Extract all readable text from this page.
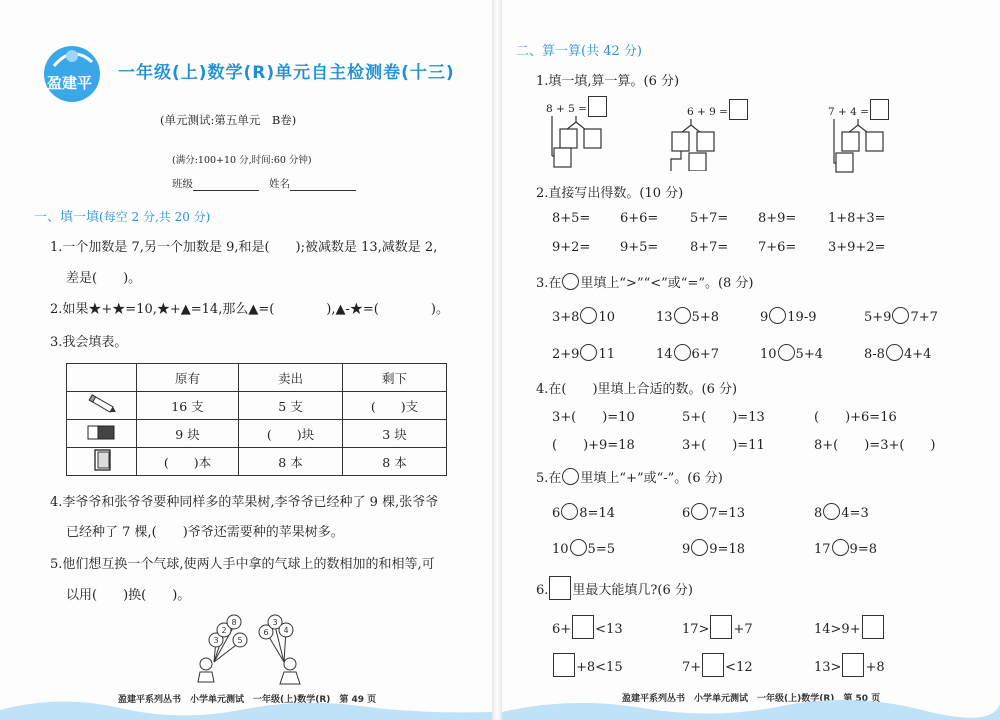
盈建平 一年级(上)数学(R)单元自主检测卷(十三)
(单元测试:第五单元　B卷)
(满分:100+10 分,时间:60 分钟)
班级	姓名
一、填一填(每空 2 分,共 20 分)
1.一个加数是 7,另一个加数是 9,和是(　　);被减数是 13,减数是 2,
差是(　　)。
2.如果★+★=10,★+▲=14,那么▲=(　　　　),▲-★=(　　　　)。
3.我会填表。
	原有	卖出	剩下
	16 支	5 支	(　　)支
	9 块	(　　)块	3 块
	(　　)本	8 本	8 本
4.李爷爷和张爷爷要种同样多的苹果树,李爷爷已经种了 9 棵,张爷爷
已经种了 7 棵,(　　)爷爷还需要种的苹果树多。
5.他们想互换一个气球,使两人手中拿的气球上的数相加的和相等,可
以用(　　)换(　　)。
3
2
8
5
6
3
4
盈建平系列丛书　小学单元测试　一年级(上)数学(R)　第 49 页
二、算一算(共 42 分)
1.填一填,算一算。(6 分)
8 + 5 =	6 + 9 =	7 + 4 =
2.直接写出得数。(10 分)
8+5= 6+6= 5+7= 8+9= 1+8+3=
9+2= 9+5= 8+7= 7+6= 3+9+2=
3.在 里填上“>”“<”或“=”。(8 分)
3+8 10	13 5+8	9 19-9	5+9 7+7
2+9 11	14 6+7	10 5+4	8-8 4+4
4.在(　　)里填上合适的数。(6 分)
3+(　　)=10	5+(　　)=13	(　　)+6=16
(　　)+9=18	3+(　　)=11	8+(　　)=3+(　　)
5.在 里填上“+”或“-”。(6 分)
6 8=14	6 7=13	8 4=3
10 5=5	9 9=18	17 9=8
6. 里最大能填几?(6 分)
6+ <13	17> +7	14>9+
+8<15	7+ <12	13> +8
盈建平系列丛书　小学单元测试　一年级(上)数学(R)　第 50 页
